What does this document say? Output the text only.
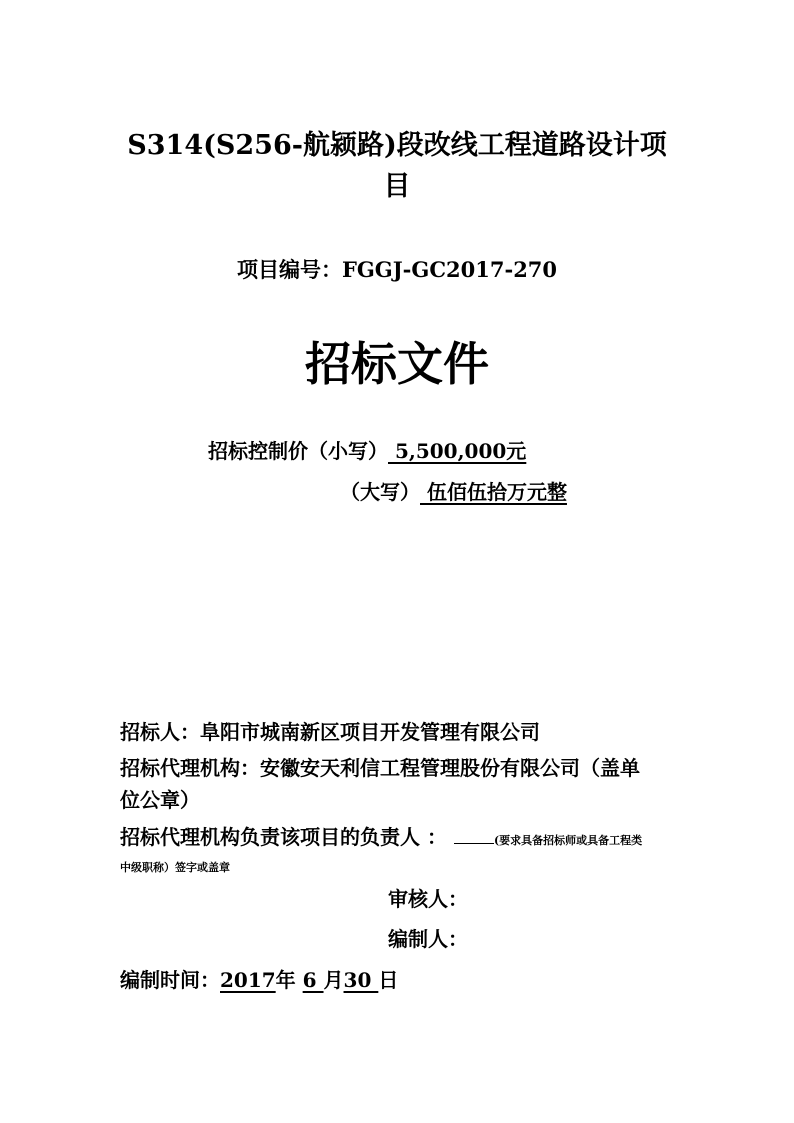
S314(S256-航颍路)段改线工程道路设计项
目
项目编号：FGGJ-GC2017-270
招标文件
招标控制价（小写） 5,500,000元
（大写） 伍佰伍拾万元整
招标人：阜阳市城南新区项目开发管理有限公司
招标代理机构：安徽安天利信工程管理股份有限公司（盖单
位公章）
招标代理机构负责该项目的负责人 ：	(要求具备招标师或具备工程类
中级职称）签字或盖章
审核人：
编制人：
编制时间：2017年 6 月30 日
